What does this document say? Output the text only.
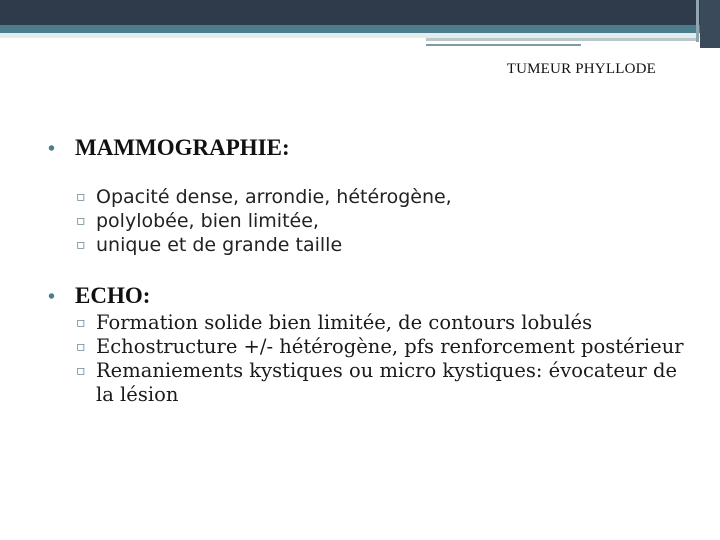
TUMEUR PHYLLODE
• MAMMOGRAPHIE:
▫ Opacité dense, arrondie, hétérogène,
▫ polylobée, bien limitée,
▫ unique et de grande taille
• ECHO:
▫ Formation solide bien limitée, de contours lobulés
▫ Echostructure +/- hétérogène, pfs renforcement postérieur
▫ Remaniements kystiques ou micro kystiques: évocateur de la lésion
